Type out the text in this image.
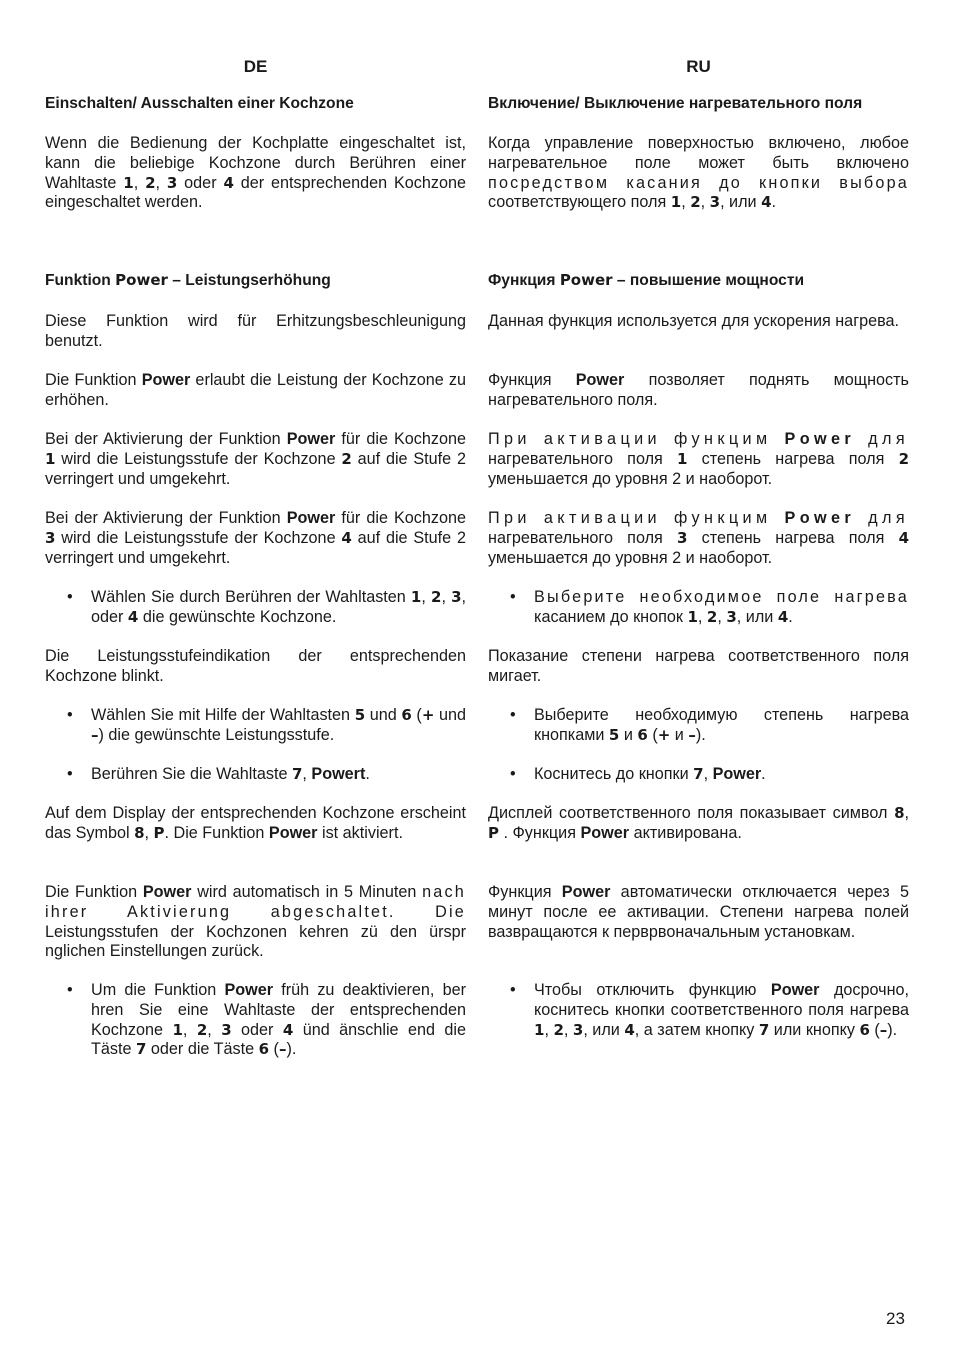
DE
Einschalten/ Ausschalten einer Kochzone
Wenn die Bedienung der Kochplatte eingeschaltet ist, kann die beliebige Kochzone durch Berühren einer Wahltaste 1, 2, 3 oder 4 der entsprechenden Kochzone eingeschaltet werden.
Funktion Power – Leistungserhöhung
Diese Funktion wird für Erhitzungsbeschleunigung benutzt.
Die Funktion Power erlaubt die Leistung der Kochzone zu erhöhen.
Bei der Aktivierung der Funktion Power für die Kochzone 1 wird die Leistungsstufe der Kochzone 2 auf die Stufe 2 verringert und umgekehrt.
Bei der Aktivierung der Funktion Power für die Kochzone 3 wird die Leistungsstufe der Kochzone 4 auf die Stufe 2 verringert und umgekehrt.
• Wählen Sie durch Berühren der Wahltasten 1, 2, 3, oder 4 die gewünschte Kochzone.
Die Leistungsstufeindikation der entsprechenden Kochzone blinkt.
• Wählen Sie mit Hilfe der Wahltasten 5 und 6 (+ und –) die gewünschte Leistungsstufe.
• Berühren Sie die Wahltaste 7, Powert.
Auf dem Display der entsprechenden Kochzone erscheint das Symbol 8, P. Die Funktion Power ist aktiviert.
Die Funktion Power wird automatisch in 5 Minuten nach ihrer Aktivierung abgeschaltet. Die Leistungsstufen der Kochzonen kehren zü den ürspr nglichen Einstellungen zurück.
• Um die Funktion Power früh zu deaktivieren, ber hren Sie eine Wahltaste der entsprechenden Kochzone 1, 2, 3 oder 4 ünd änschlie end die Täste 7 oder die Täste 6 (–).
RU
Включение/ Выключение нагревательного поля
Когда управление поверхностью включено, любое нагревательное поле может быть включено посредством касания до кнопки выбора соответствующего поля 1, 2, 3, или 4.
Функция Power – повышение мощности
Данная функция используется для ускорения нагрева.
Функция Power позволяет поднять мощность нагревательного поля.
При активации функцим Power для нагревательного поля 1 степень нагрева поля 2 уменьшается до уровня 2 и наоборот.
При активации функцим Power для нагревательного поля 3 степень нагрева поля 4 уменьшается до уровня 2 и наоборот.
• Выберите необходимое поле нагрева касанием до кнопок 1, 2, 3, или 4.
Показание степени нагрева соответственного поля мигает.
• Выберите необходимую степень нагрева кнопками 5 и 6 (+ и –).
• Коснитесь до кнопки 7, Power.
Дисплей соответственного поля показывает символ 8, P . Функция Power активирована.
Функция Power автоматически отключается через 5 минут после ее активации. Степени нагрева полей вазвращаются к перврвоначальным установкам.
• Чтобы отключить функцию Power досрочно, коснитесь кнопки соответственного поля нагрева 1, 2, 3, или 4, а затем кнопку 7 или кнопку 6 (–).
23
